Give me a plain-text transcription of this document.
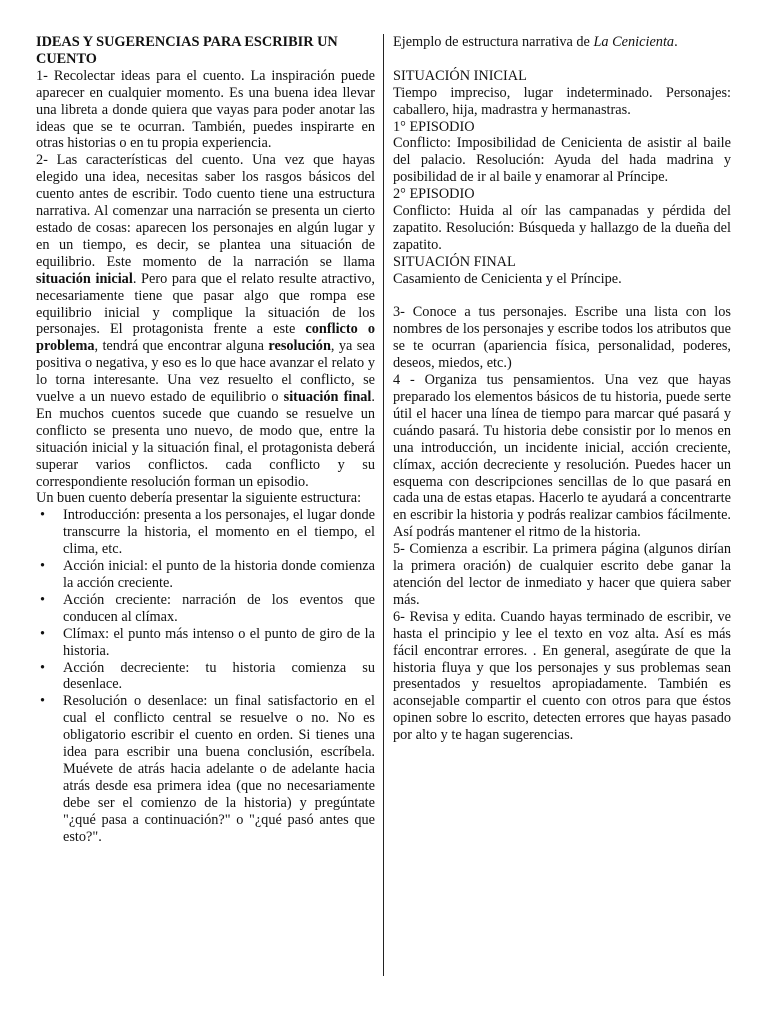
IDEAS Y SUGERENCIAS PARA ESCRIBIR UN CUENTO

1- Recolectar ideas para el cuento. La inspiración puede aparecer en cualquier momento. Es una buena idea llevar una libreta a donde quiera que vayas para poder anotar las ideas que se te ocurran. También, puedes inspirarte en otras historias o en tu propia experiencia.

2- Las características del cuento. Una vez que hayas elegido una idea, necesitas saber los rasgos básicos del cuento antes de escribir. Todo cuento tiene una estructura narrativa. Al comenzar una narración se presenta un cierto estado de cosas: aparecen los personajes en algún lugar y en un tiempo, es decir, se plantea una situación de equilibrio. Este momento de la narración se llama situación inicial. Pero para que el relato resulte atractivo, necesariamente tiene que pasar algo que rompa ese equilibrio inicial y complique la situación de los personajes. El protagonista frente a este conflicto o problema, tendrá que encontrar alguna resolución, ya sea positiva o negativa, y eso es lo que hace avanzar el relato y lo torna interesante. Una vez resuelto el conflicto, se vuelve a un nuevo estado de equilibrio o situación final. En muchos cuentos sucede que cuando se resuelve un conflicto se presenta uno nuevo, de modo que, entre la situación inicial y la situación final, el protagonista deberá superar varios conflictos. cada conflicto y su correspondiente resolución forman un episodio.

Un buen cuento debería presentar la siguiente estructura:

• Introducción: presenta a los personajes, el lugar donde transcurre la historia, el momento en el tiempo, el clima, etc.
• Acción inicial: el punto de la historia donde comienza la acción creciente.
• Acción creciente: narración de los eventos que conducen al clímax.
• Clímax: el punto más intenso o el punto de giro de la historia.
• Acción decreciente: tu historia comienza su desenlace.
• Resolución o desenlace: un final satisfactorio en el cual el conflicto central se resuelve o no. No es obligatorio escribir el cuento en orden. Si tienes una idea para escribir una buena conclusión, escríbela. Muévete de atrás hacia adelante o de adelante hacia atrás desde esa primera idea (que no necesariamente debe ser el comienzo de la historia) y pregúntate "¿qué pasa a continuación?" o "¿qué pasó antes que esto?".

Ejemplo de estructura narrativa de La Cenicienta.

SITUACIÓN INICIAL

Tiempo impreciso, lugar indeterminado. Personajes: caballero, hija, madrastra y hermanastras.

1° EPISODIO

Conflicto: Imposibilidad de Cenicienta de asistir al baile del palacio. Resolución: Ayuda del hada madrina y posibilidad de ir al baile y enamorar al Príncipe.

2° EPISODIO

Conflicto: Huida al oír las campanadas y pérdida del zapatito. Resolución: Búsqueda y hallazgo de la dueña del zapatito.

SITUACIÓN FINAL

Casamiento de Cenicienta y el Príncipe.

3- Conoce a tus personajes. Escribe una lista con los nombres de los personajes y escribe todos los atributos que se te ocurran (apariencia física, personalidad, poderes, deseos, miedos, etc.)

4 - Organiza tus pensamientos. Una vez que hayas preparado los elementos básicos de tu historia, puede serte útil el hacer una línea de tiempo para marcar qué pasará y cuándo pasará. Tu historia debe consistir por lo menos en una introducción, un incidente inicial, acción creciente, clímax, acción decreciente y resolución. Puedes hacer un esquema con descripciones sencillas de lo que pasará en cada una de estas etapas. Hacerlo te ayudará a concentrarte en escribir la historia y podrás realizar cambios fácilmente. Así podrás mantener el ritmo de la historia.

5- Comienza a escribir. La primera página (algunos dirían la primera oración) de cualquier escrito debe ganar la atención del lector de inmediato y hacer que quiera saber más.

6- Revisa y edita. Cuando hayas terminado de escribir, ve hasta el principio y lee el texto en voz alta. Así es más fácil encontrar errores. . En general, asegúrate de que la historia fluya y que los personajes y sus problemas sean presentados y resueltos apropiadamente. También es aconsejable compartir el cuento con otros para que éstos opinen sobre lo escrito, detecten errores que hayas pasado por alto y te hagan sugerencias.
